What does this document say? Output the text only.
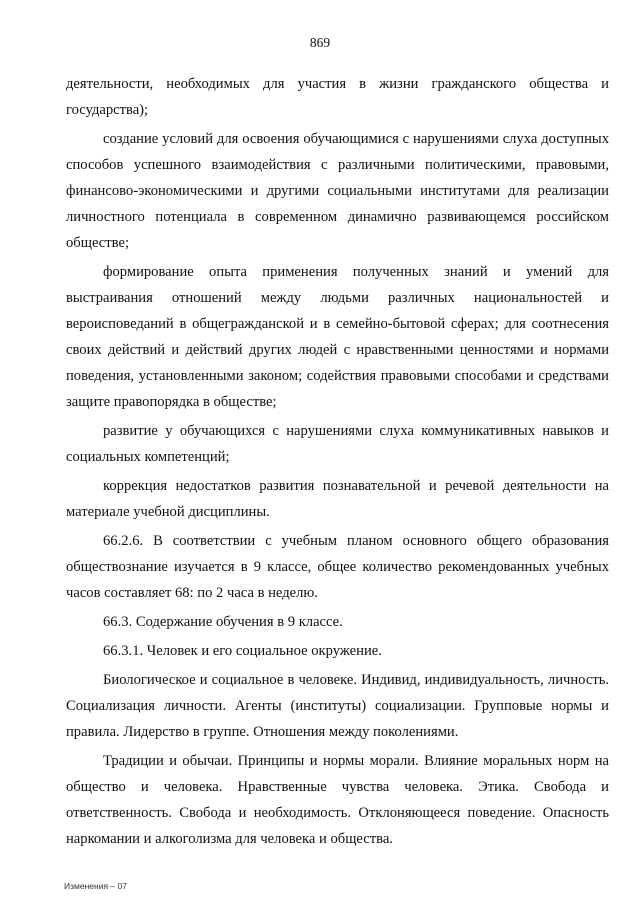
869

деятельности, необходимых для участия в жизни гражданского общества и государства);

создание условий для освоения обучающимися с нарушениями слуха доступных способов успешного взаимодействия с различными политическими, правовыми, финансово-экономическими и другими социальными институтами для реализации личностного потенциала в современном динамично развивающемся российском обществе;

формирование опыта применения полученных знаний и умений для выстраивания отношений между людьми различных национальностей и вероисповеданий в общегражданской и в семейно-бытовой сферах; для соотнесения своих действий и действий других людей с нравственными ценностями и нормами поведения, установленными законом; содействия правовыми способами и средствами защите правопорядка в обществе;

развитие у обучающихся с нарушениями слуха коммуникативных навыков и социальных компетенций;

коррекция недостатков развития познавательной и речевой деятельности на материале учебной дисциплины.

66.2.6. В соответствии с учебным планом основного общего образования обществознание изучается в 9 классе, общее количество рекомендованных учебных часов составляет 68: по 2 часа в неделю.

66.3. Содержание обучения в 9 классе.

66.3.1. Человек и его социальное окружение.

Биологическое и социальное в человеке. Индивид, индивидуальность, личность. Социализация личности. Агенты (институты) социализации. Групповые нормы и правила. Лидерство в группе. Отношения между поколениями.

Традиции и обычаи. Принципы и нормы морали. Влияние моральных норм на общество и человека. Нравственные чувства человека. Этика. Свобода и ответственность. Свобода и необходимость. Отклоняющееся поведение. Опасность наркомании и алкоголизма для человека и общества.

Изменения – 07
